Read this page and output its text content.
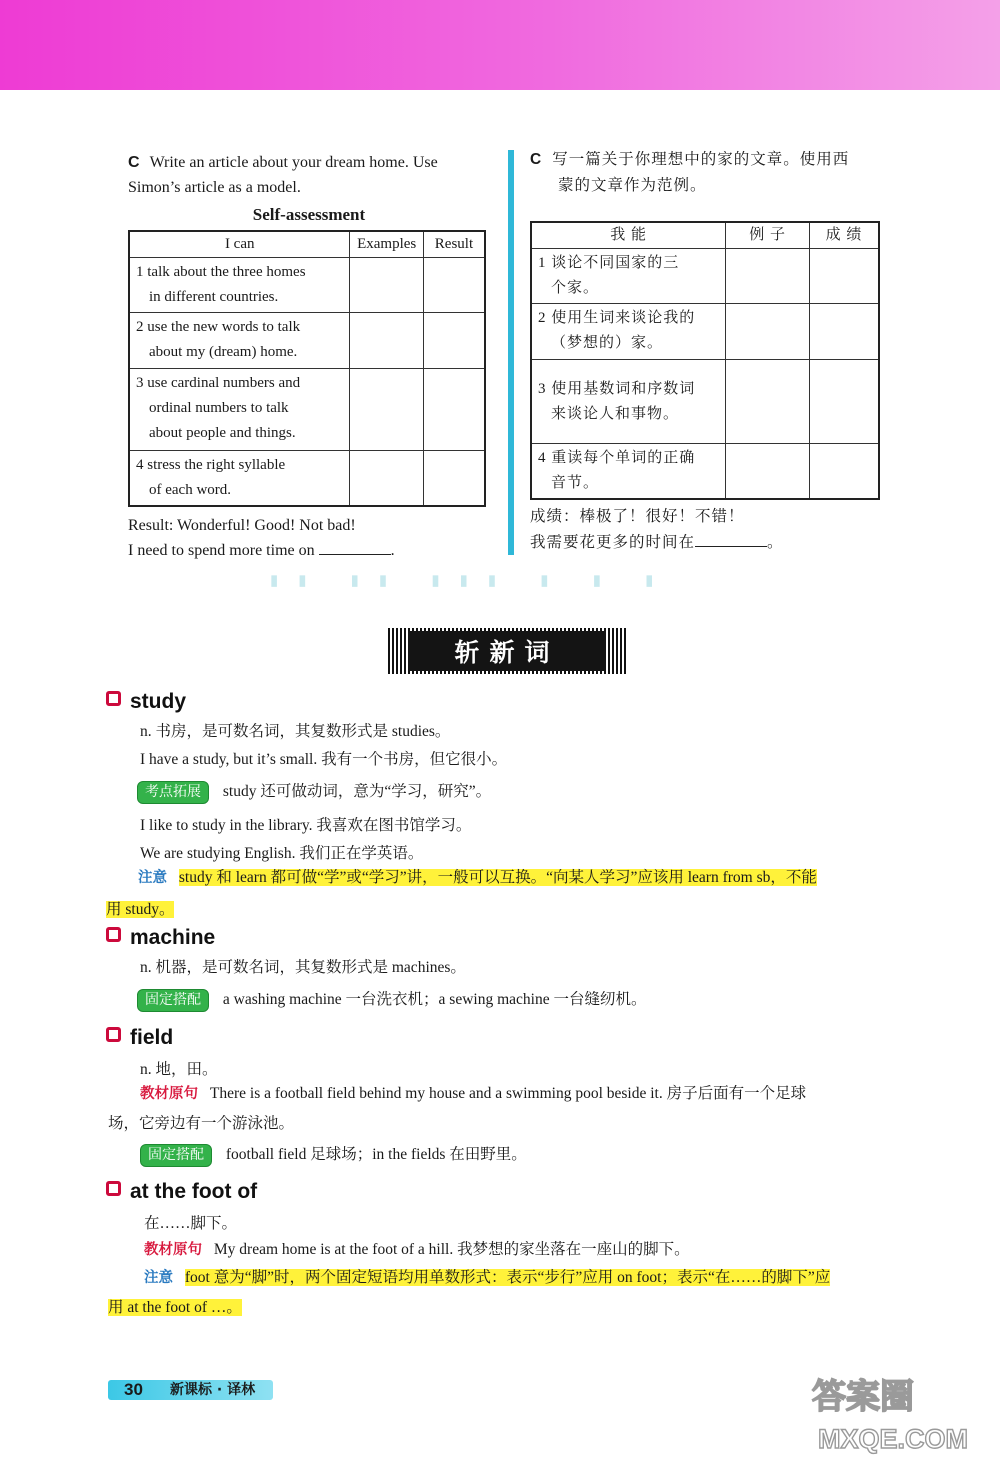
C Write an article about your dream home. Use
Simon’s article as a model.
Self-assessment
I can	Examples	Result
1 talk about the three homes
in different countries.		
2 use the new words to talk
about my (dream) home.		
3 use cardinal numbers and
ordinal numbers to talk
about people and things.		
4 stress the right syllable
of each word.		
Result: Wonderful! Good! Not bad!
I need to spend more time on	.
C 写一篇关于你理想中的家的文章。使用西
蒙的文章作为范例。
我 能	例 子	成 绩
1 谈论不同国家的三
个家。		
2 使用生词来谈论我的
（梦想的）家。		
3 使用基数词和序数词
来谈论人和事物。		
4 重读每个单词的正确
音节。		
成绩：棒极了！很好！不错！
我需要花更多的时间在	。
▮▮ ▮▮ ▮▮▮ ▮ ▮ ▮
斩新词
study
n. 书房，是可数名词，其复数形式是 studies。
I have a study, but it’s small. 我有一个书房，但它很小。
考点拓展 study 还可做动词，意为“学习，研究”。
I like to study in the library. 我喜欢在图书馆学习。
We are studying English. 我们正在学英语。
注意 study 和 learn 都可做“学”或“学习”讲，一般可以互换。“向某人学习”应该用 learn from sb，不能
用 study。
machine
n. 机器，是可数名词，其复数形式是 machines。
固定搭配 a washing machine 一台洗衣机；a sewing machine 一台缝纫机。
field
n. 地，田。
教材原句 There is a football field behind my house and a swimming pool beside it. 房子后面有一个足球
场，它旁边有一个游泳池。
固定搭配 football field 足球场；in the fields 在田野里。
at the foot of
在……脚下。
教材原句 My dream home is at the foot of a hill. 我梦想的家坐落在一座山的脚下。
注意 foot 意为“脚”时，两个固定短语均用单数形式：表示“步行”应用 on foot；表示“在……的脚下”应
用 at the foot of …。
30 新课标 · 译林	答案圈
MXQE.COM
